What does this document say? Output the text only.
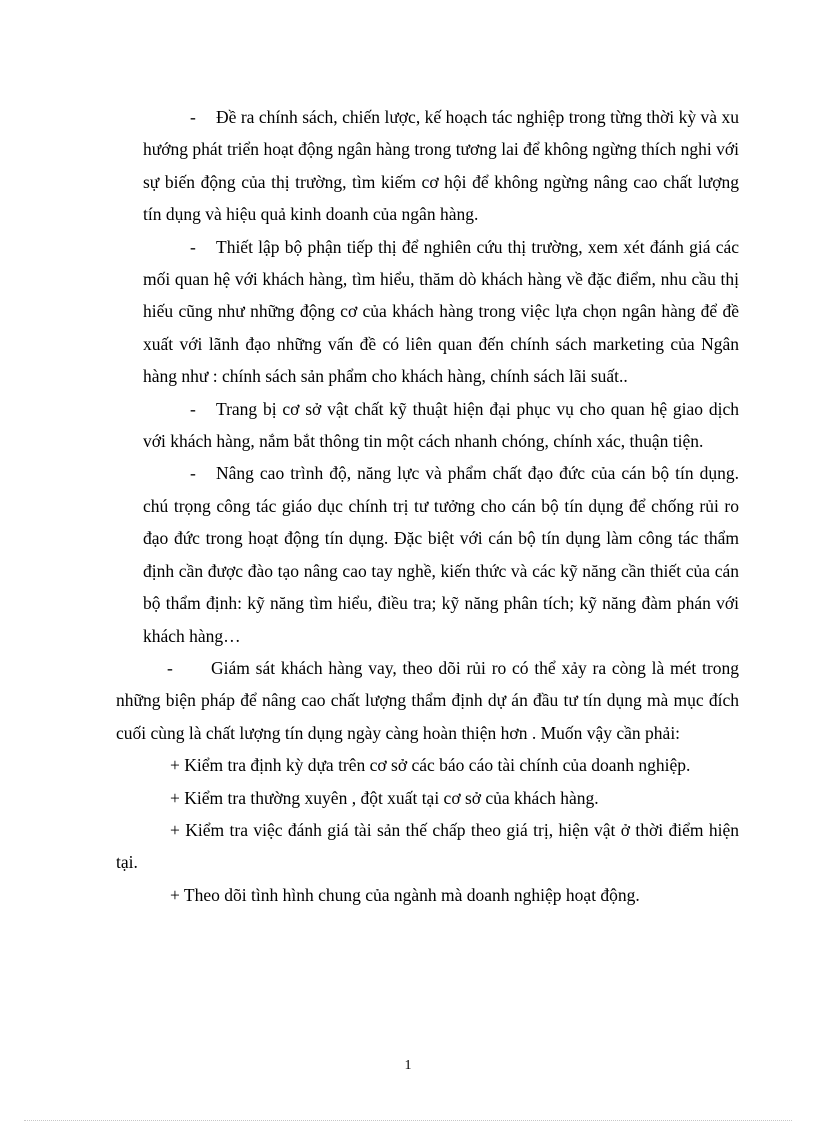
- Đề ra chính sách, chiến lược, kế hoạch tác nghiệp trong từng thời kỳ và xu hướng phát triển hoạt động ngân hàng trong tương lai để không ngừng thích nghi với sự biến động của thị trường, tìm kiếm cơ hội để không ngừng nâng cao chất lượng tín dụng và hiệu quả kinh doanh của ngân hàng.

- Thiết lập bộ phận tiếp thị để nghiên cứu thị trường, xem xét đánh giá các mối quan hệ với khách hàng, tìm hiểu, thăm dò khách hàng về đặc điểm, nhu cầu thị hiếu cũng như những động cơ của khách hàng trong việc lựa chọn ngân hàng để đề xuất với lãnh đạo những vấn đề có liên quan đến chính sách marketing của Ngân hàng như : chính sách sản phẩm cho khách hàng, chính sách lãi suất..

- Trang bị cơ sở vật chất kỹ thuật hiện đại phục vụ cho quan hệ giao dịch với khách hàng, nắm bắt thông tin một cách nhanh chóng, chính xác, thuận tiện.

- Nâng cao trình độ, năng lực và phẩm chất đạo đức của cán bộ tín dụng. chú trọng công tác giáo dục chính trị tư tưởng cho cán bộ tín dụng để chống rủi ro đạo đức trong hoạt động tín dụng. Đặc biệt với cán bộ tín dụng làm công tác thẩm định cần được đào tạo nâng cao tay nghề, kiến thức và các kỹ năng cần thiết của cán bộ thẩm định: kỹ năng tìm hiểu, điều tra; kỹ năng phân tích; kỹ năng đàm phán với khách hàng…

- Giám sát khách hàng vay, theo dõi rủi ro có thể xảy ra còng là mét trong những biện pháp để nâng cao chất lượng thẩm định dự án đầu tư tín dụng mà mục đích cuối cùng là chất lượng tín dụng ngày càng hoàn thiện hơn . Muốn vậy cần phải:

+ Kiểm tra định kỳ dựa trên cơ sở các báo cáo tài chính của doanh nghiệp.

+ Kiểm tra thường xuyên , đột xuất tại cơ sở của khách hàng.

+ Kiểm tra việc đánh giá tài sản thế chấp theo giá trị, hiện vật ở thời điểm hiện tại.

+ Theo dõi tình hình chung của ngành mà doanh nghiệp hoạt động.

1
